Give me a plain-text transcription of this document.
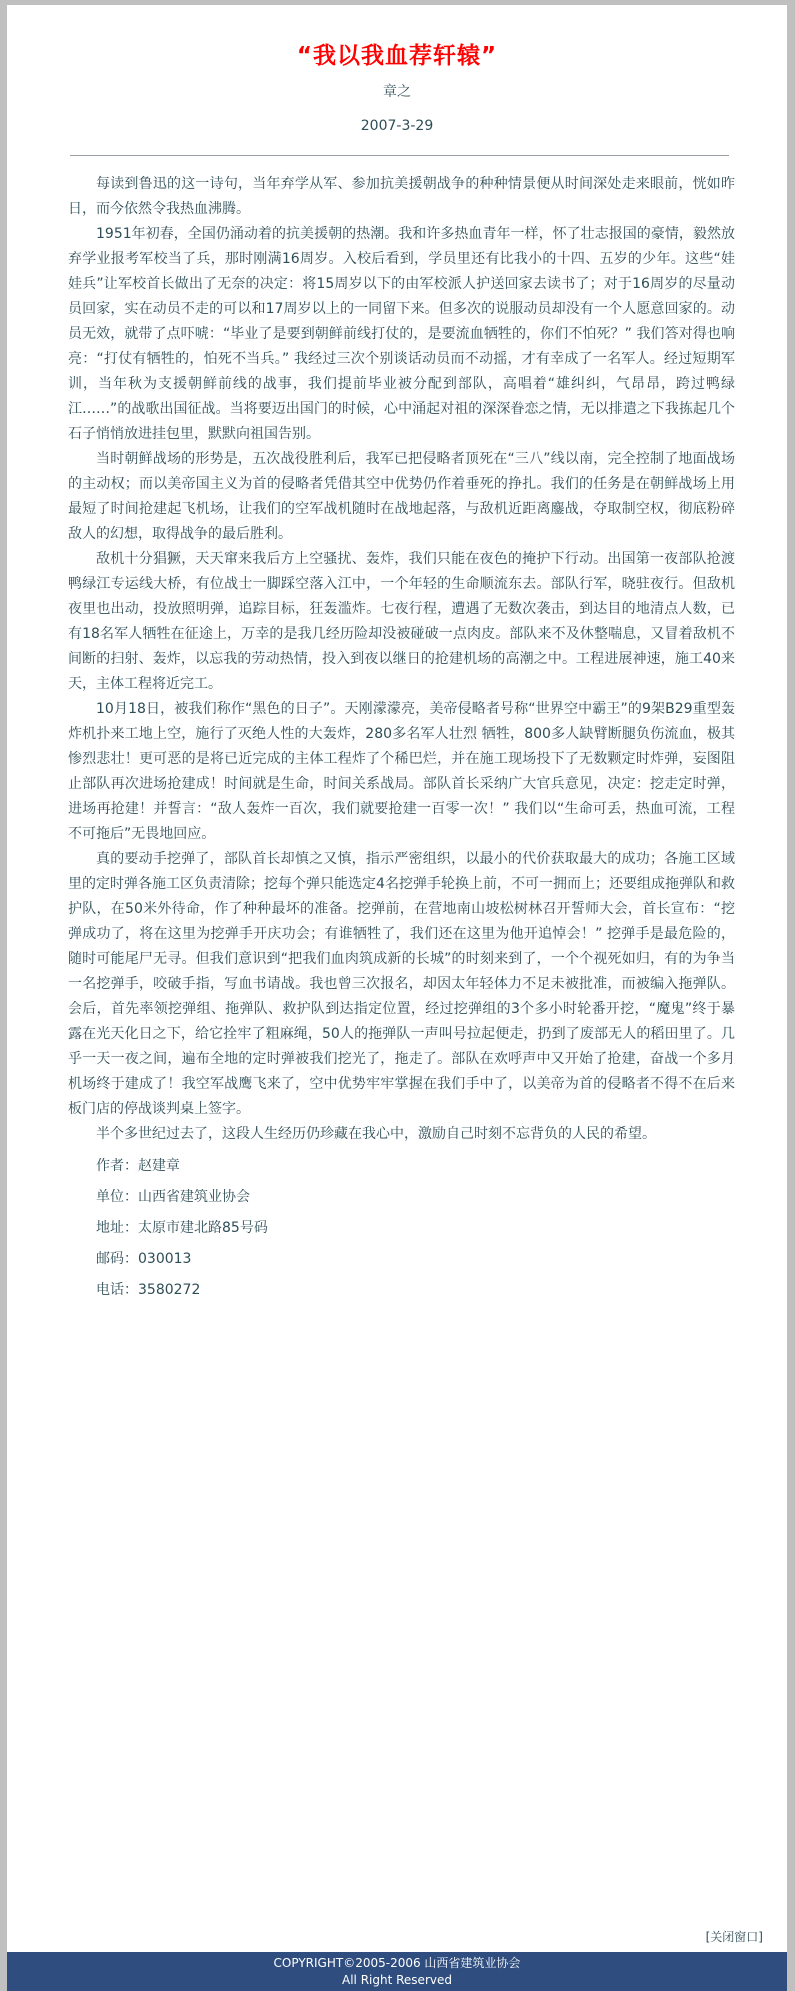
“我以我血荐轩辕”
章之
2007-3-29

每读到鲁迅的这一诗句，当年弃学从军、参加抗美援朝战争的种种情景便从时间深处走来眼前，恍如昨日，而今依然令我热血沸腾。

1951年初春，全国仍涌动着的抗美援朝的热潮。我和许多热血青年一样，怀了壮志报国的豪情，毅然放弃学业报考军校当了兵，那时刚满16周岁。入校后看到，学员里还有比我小的十四、五岁的少年。这些“娃娃兵”让军校首长做出了无奈的决定：将15周岁以下的由军校派人护送回家去读书了；对于16周岁的尽量动员回家，实在动员不走的可以和17周岁以上的一同留下来。但多次的说服动员却没有一个人愿意回家的。动员无效，就带了点吓唬：“毕业了是要到朝鲜前线打仗的，是要流血牺牲的，你们不怕死？” 我们答对得也响亮：“打仗有牺牲的，怕死不当兵。” 我经过三次个别谈话动员而不动摇，才有幸成了一名军人。经过短期军训，当年秋为支援朝鲜前线的战事，我们提前毕业被分配到部队，高唱着“雄纠纠，气昂昂，跨过鸭绿江……”的战歌出国征战。当将要迈出国门的时候，心中涌起对祖的深深眷恋之情，无以排遣之下我拣起几个石子悄悄放进挂包里，默默向祖国告别。

当时朝鲜战场的形势是，五次战役胜利后，我军已把侵略者顶死在“三八”线以南，完全控制了地面战场的主动权；而以美帝国主义为首的侵略者凭借其空中优势仍作着垂死的挣扎。我们的任务是在朝鲜战场上用最短了时间抢建起飞机场，让我们的空军战机随时在战地起落，与敌机近距离鏖战，夺取制空权，彻底粉碎敌人的幻想，取得战争的最后胜利。

敌机十分猖獗，天天窜来我后方上空骚扰、轰炸，我们只能在夜色的掩护下行动。出国第一夜部队抢渡鸭绿江专运线大桥，有位战士一脚踩空落入江中，一个年轻的生命顺流东去。部队行军，晓驻夜行。但敌机夜里也出动，投放照明弹，追踪目标，狂轰滥炸。七夜行程，遭遇了无数次袭击，到达目的地清点人数，已有18名军人牺牲在征途上，万幸的是我几经历险却没被碰破一点肉皮。部队来不及休整喘息，又冒着敌机不间断的扫射、轰炸，以忘我的劳动热情，投入到夜以继日的抢建机场的高潮之中。工程进展神速，施工40来天，主体工程将近完工。

10月18日，被我们称作“黑色的日子”。天刚濛濛亮，美帝侵略者号称“世界空中霸王”的9架B29重型轰炸机扑来工地上空，施行了灭绝人性的大轰炸，280多名军人壮烈 牺牲，800多人缺臂断腿负伤流血，极其惨烈悲壮！更可恶的是将已近完成的主体工程炸了个稀巴烂，并在施工现场投下了无数颗定时炸弹，妄图阻止部队再次进场抢建成！时间就是生命，时间关系战局。部队首长采纳广大官兵意见，决定：挖走定时弹，进场再抢建！并誓言：“敌人轰炸一百次，我们就要抢建一百零一次！” 我们以“生命可丢，热血可流，工程不可拖后”无畏地回应。

真的要动手挖弹了，部队首长却慎之又慎，指示严密组织，以最小的代价获取最大的成功；各施工区域里的定时弹各施工区负责清除；挖每个弹只能选定4名挖弹手轮换上前，不可一拥而上；还要组成拖弹队和救护队，在50米外待命，作了种种最坏的准备。挖弹前，在营地南山坡松树林召开誓师大会，首长宣布：“挖弹成功了，将在这里为挖弹手开庆功会；有谁牺牲了，我们还在这里为他开追悼会！” 挖弹手是最危险的，随时可能尾尸无寻。但我们意识到“把我们血肉筑成新的长城”的时刻来到了，一个个视死如归，有的为争当一名挖弹手，咬破手指，写血书请战。我也曾三次报名，却因太年轻体力不足未被批准，而被编入拖弹队。会后，首先率领挖弹组、拖弹队、救护队到达指定位置，经过挖弹组的3个多小时轮番开挖，“魔鬼”终于暴露在光天化日之下，给它拴牢了粗麻绳，50人的拖弹队一声叫号拉起便走，扔到了废部无人的稻田里了。几乎一天一夜之间，遍布全地的定时弹被我们挖光了，拖走了。部队在欢呼声中又开始了抢建，奋战一个多月机场终于建成了！我空军战鹰飞来了，空中优势牢牢掌握在我们手中了，以美帝为首的侵略者不得不在后来板门店的停战谈判桌上签字。

半个多世纪过去了，这段人生经历仍珍藏在我心中，激励自己时刻不忘背负的人民的希望。

作者：赵建章
单位：山西省建筑业协会
地址：太原市建北路85号码
邮码：030013
电话：3580272
[关闭窗口]
COPYRIGHT©2005-2006 山西省建筑业协会
All Right Reserved
